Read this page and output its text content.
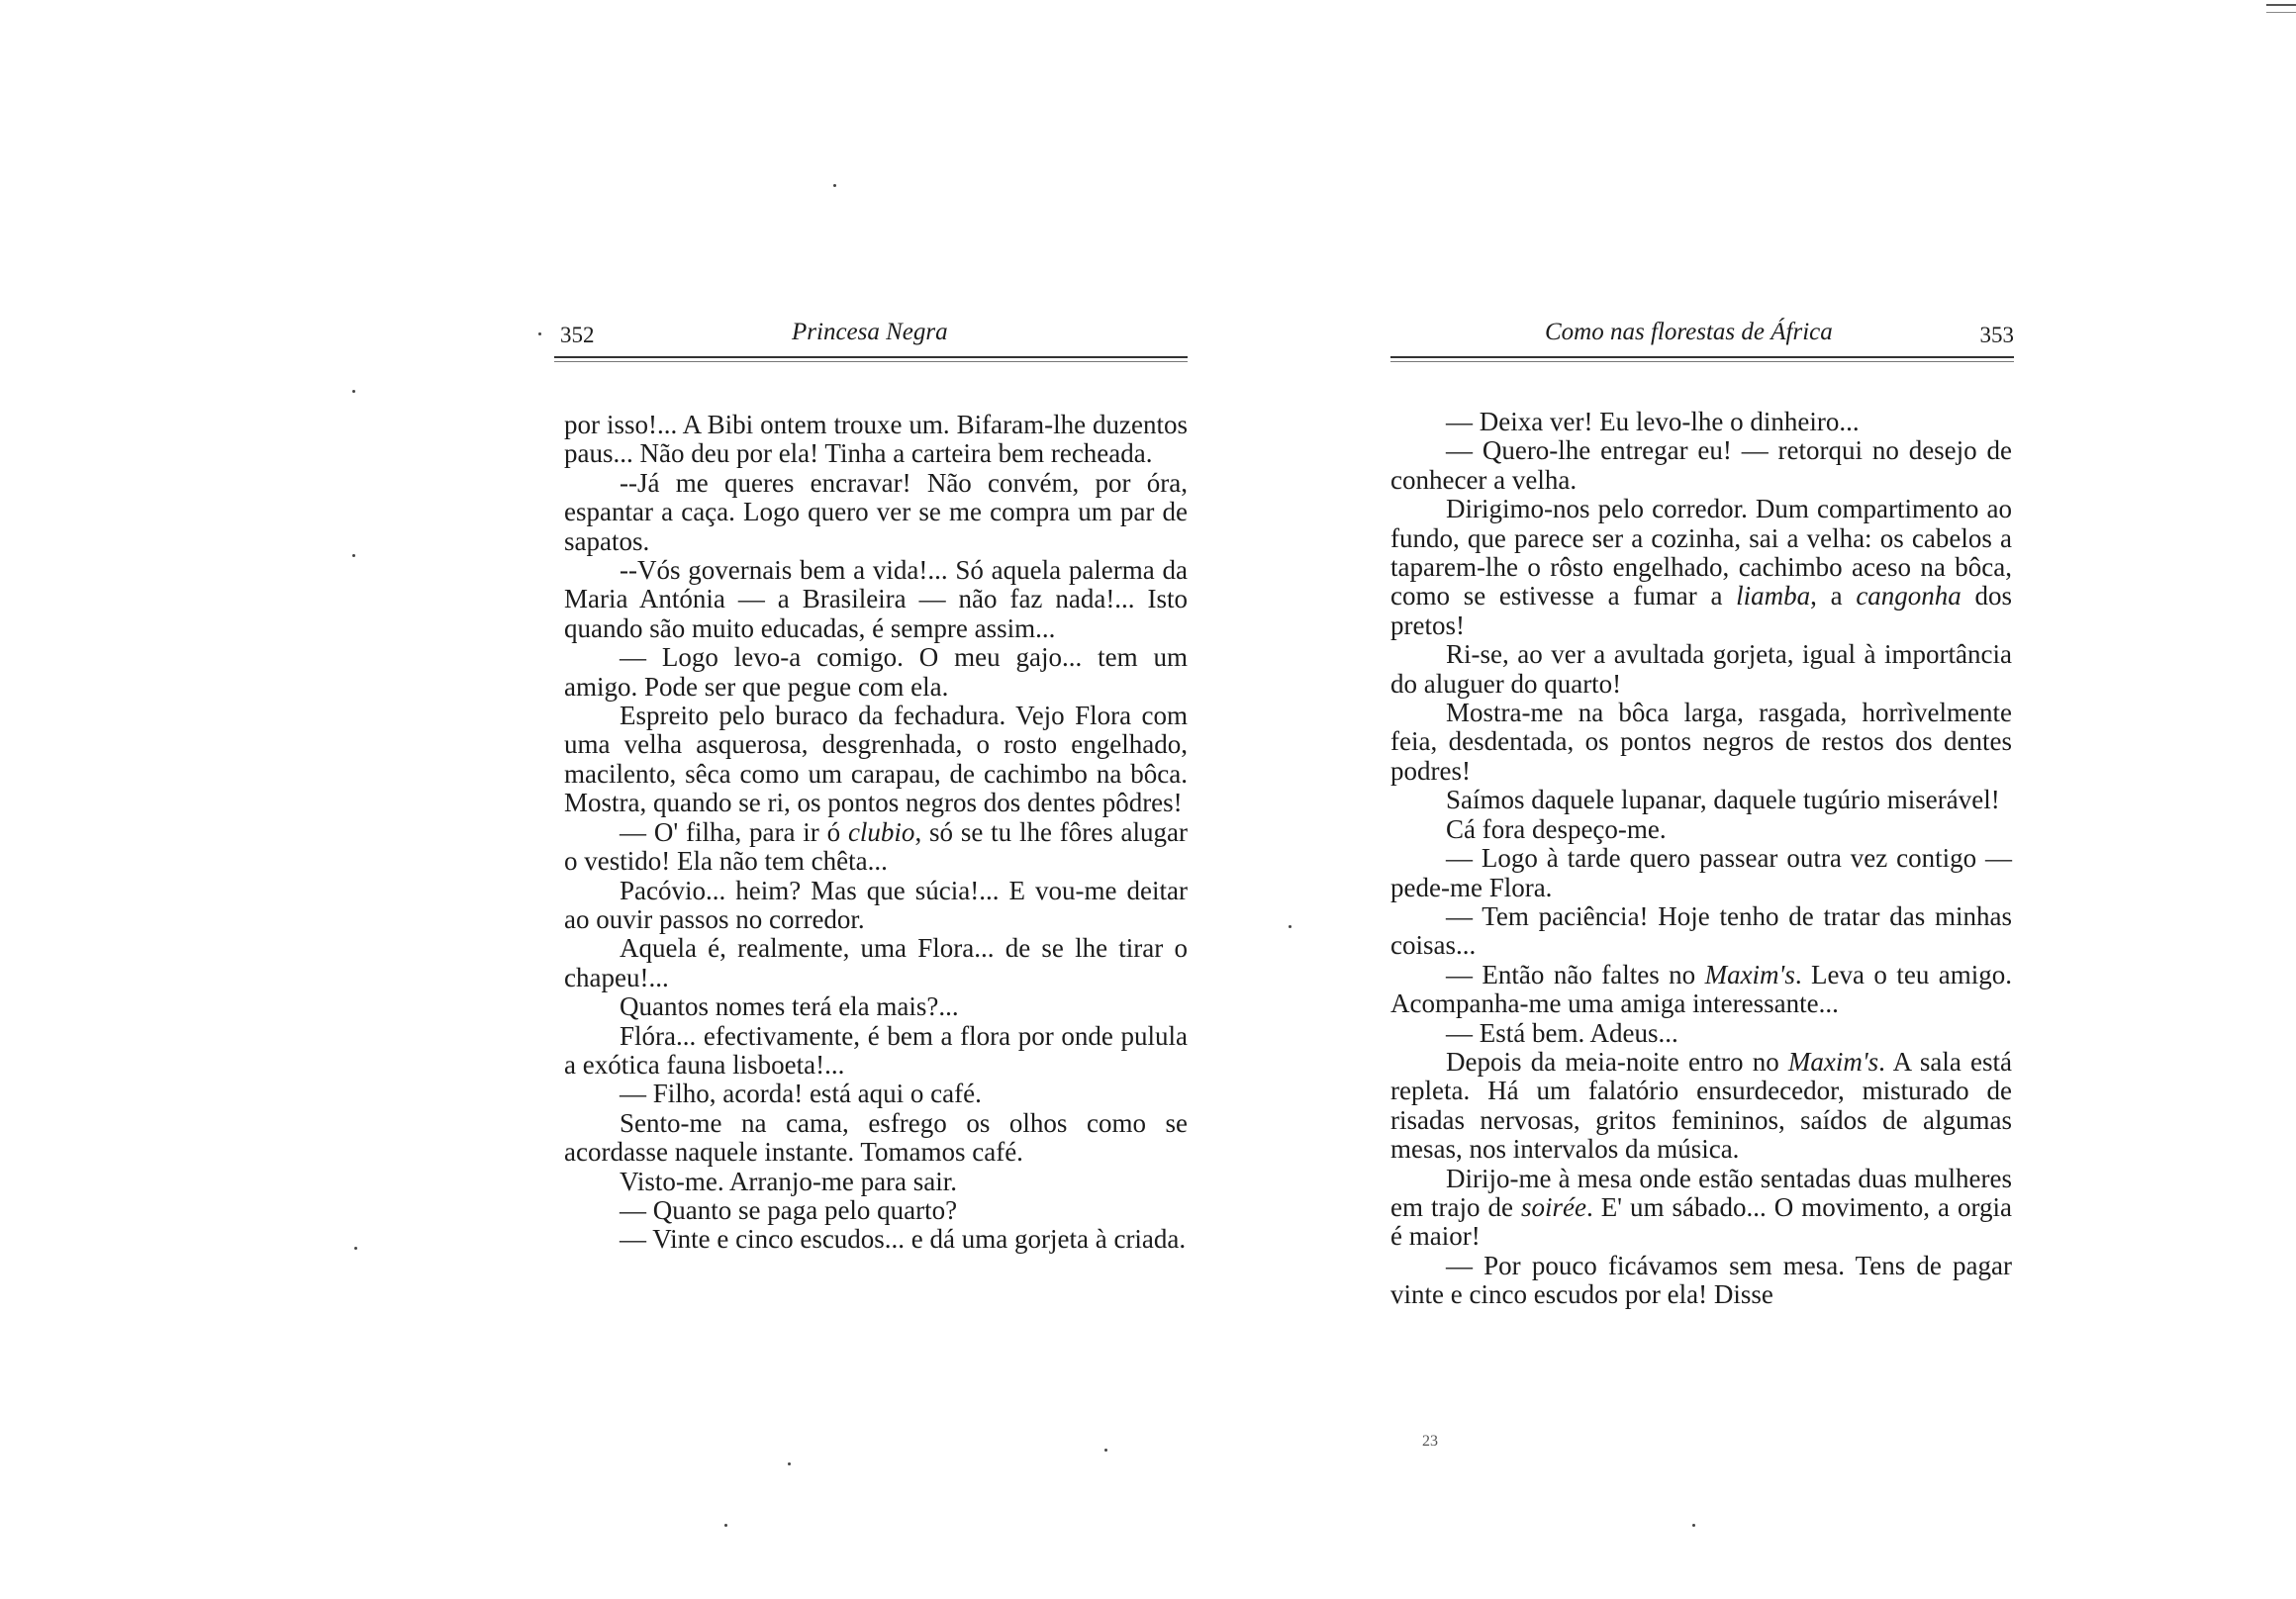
352	Princesa Negra

por isso!... A Bibi ontem trouxe um. Bifaram-lhe duzentos paus... Não deu por ela! Tinha a carteira bem recheada.

--Já me queres encravar! Não convém, por óra, espantar a caça. Logo quero ver se me compra um par de sapatos.

--Vós governais bem a vida!... Só aquela palerma da Maria Antónia — a Brasileira — não faz nada!... Isto quando são muito educadas, é sempre assim...

— Logo levo-a comigo. O meu gajo... tem um amigo. Pode ser que pegue com ela.

Espreito pelo buraco da fechadura. Vejo Flora com uma velha asquerosa, desgrenhada, o rosto engelhado, macilento, sêca como um carapau, de cachimbo na bôca. Mostra, quando se ri, os pontos negros dos dentes pôdres!

— O' filha, para ir ó clubio, só se tu lhe fôres alugar o vestido! Ela não tem chêta...

Pacóvio... heim? Mas que súcia!... E vou-me deitar ao ouvir passos no corredor.

Aquela é, realmente, uma Flora... de se lhe tirar o chapeu!...

Quantos nomes terá ela mais?...

Flóra... efectivamente, é bem a flora por onde pulula a exótica fauna lisboeta!...

— Filho, acorda! está aqui o café.

Sento-me na cama, esfrego os olhos como se acordasse naquele instante. Tomamos café.

Visto-me. Arranjo-me para sair.

— Quanto se paga pelo quarto?

— Vinte e cinco escudos... e dá uma gorjeta à criada.

Como nas florestas de África	353

— Deixa ver! Eu levo-lhe o dinheiro...

— Quero-lhe entregar eu! — retorqui no desejo de conhecer a velha.

Dirigimo-nos pelo corredor. Dum compartimento ao fundo, que parece ser a cozinha, sai a velha: os cabelos a taparem-lhe o rôsto engelhado, cachimbo aceso na bôca, como se estivesse a fumar a liamba, a cangonha dos pretos!

Ri-se, ao ver a avultada gorjeta, igual à importância do aluguer do quarto!

Mostra-me na bôca larga, rasgada, horrìvelmente feia, desdentada, os pontos negros de restos dos dentes podres!

Saímos daquele lupanar, daquele tugúrio miserável!

Cá fora despeço-me.

— Logo à tarde quero passear outra vez contigo — pede-me Flora.

— Tem paciência! Hoje tenho de tratar das minhas coisas...

— Então não faltes no Maxim's. Leva o teu amigo. Acompanha-me uma amiga interessante...

— Está bem. Adeus...

Depois da meia-noite entro no Maxim's. A sala está repleta. Há um falatório ensurdecedor, misturado de risadas nervosas, gritos femininos, saídos de algumas mesas, nos intervalos da música.

Dirijo-me à mesa onde estão sentadas duas mulheres em trajo de soirée. E' um sábado... O movimento, a orgia é maior!

— Por pouco ficávamos sem mesa. Tens de pagar vinte e cinco escudos por ela! Disse

23
